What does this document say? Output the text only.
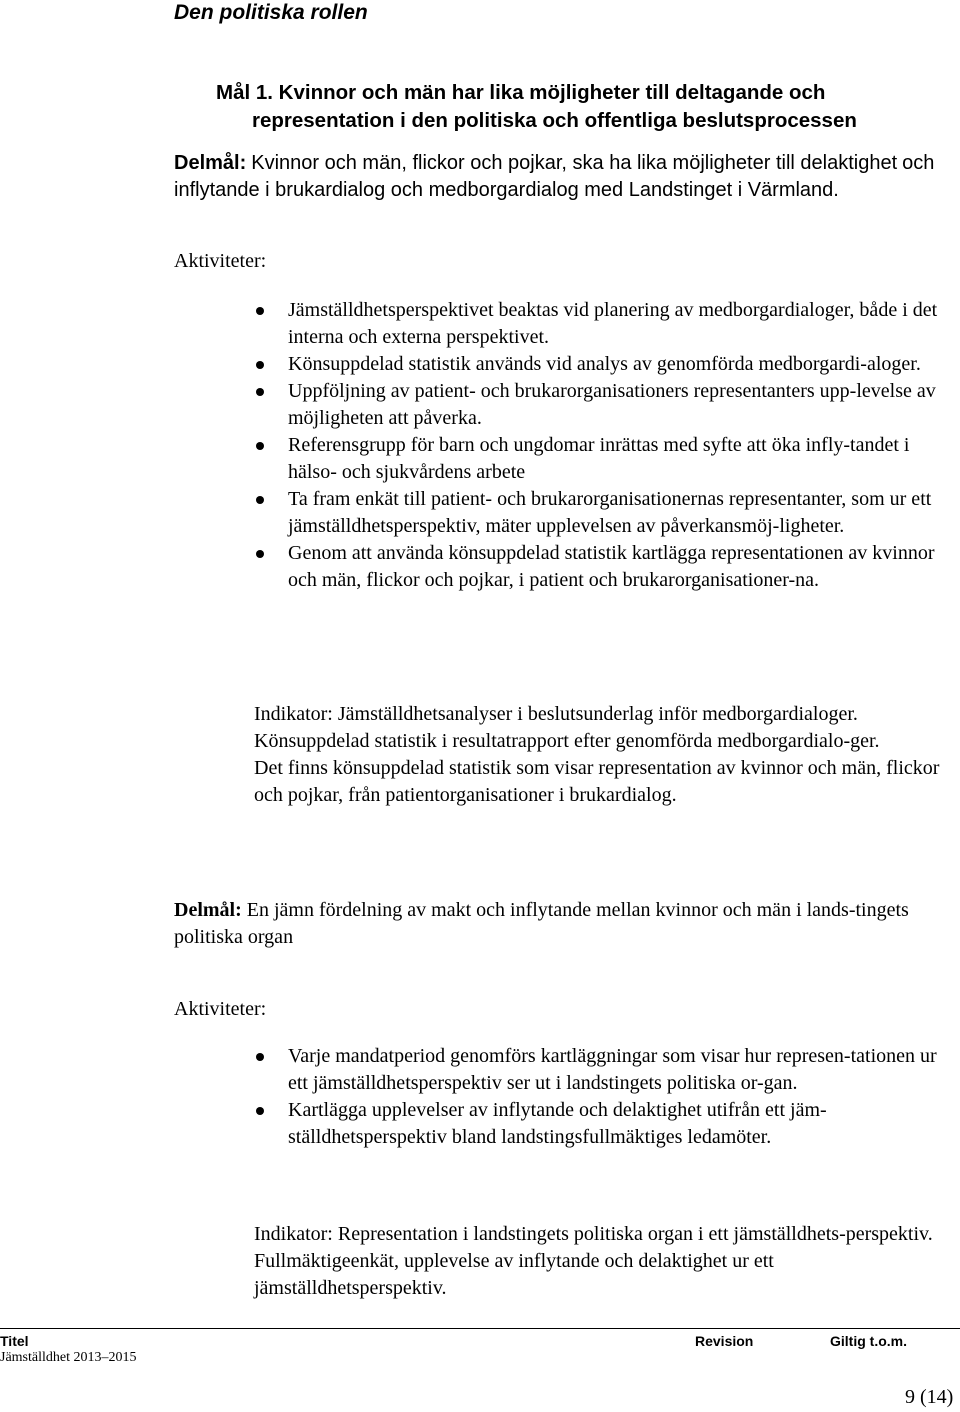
Den politiska rollen
Mål 1. Kvinnor och män har lika möjligheter till deltagande och
representation i den politiska och offentliga beslutsprocessen
Delmål: Kvinnor och män, flickor och pojkar, ska ha lika möjligheter till delaktighet och inflytande i brukardialog och medborgardialog med Landstinget i Värmland.
Aktiviteter:
Jämställdhetsperspektivet beaktas vid planering av medborgardialoger, både i det interna och externa perspektivet.
Könsuppdelad statistik används vid analys av genomförda medborgardi-aloger.
Uppföljning av patient- och brukarorganisationers representanters upp-levelse av möjligheten att påverka.
Referensgrupp för barn och ungdomar inrättas med syfte att öka infly-tandet i hälso- och sjukvårdens arbete
Ta fram enkät till patient- och brukarorganisationernas representanter, som ur ett jämställdhetsperspektiv, mäter upplevelsen av påverkansmöj-ligheter.
Genom att använda könsuppdelad statistik kartlägga representationen av kvinnor och män, flickor och pojkar, i patient och brukarorganisationer-na.
Indikator: Jämställdhetsanalyser i beslutsunderlag inför medborgardialoger.
Könsuppdelad statistik i resultatrapport efter genomförda medborgardialo-ger.
Det finns könsuppdelad statistik som visar representation av kvinnor och män, flickor och pojkar, från patientorganisationer i brukardialog.
Delmål: En jämn fördelning av makt och inflytande mellan kvinnor och män i lands-tingets politiska organ
Aktiviteter:
Varje mandatperiod genomförs kartläggningar som visar hur represen-tationen ur ett jämställdhetsperspektiv ser ut i landstingets politiska or-gan.
Kartlägga upplevelser av inflytande och delaktighet utifrån ett jäm-ställdhetsperspektiv bland landstingsfullmäktiges ledamöter.
Indikator: Representation i landstingets politiska organ i ett jämställdhets-perspektiv. Fullmäktigeenkät, upplevelse av inflytande och delaktighet ur ett jämställdhetsperspektiv.
Titel	Revision	Giltig t.o.m.
Jämställdhet 2013–2015
9 (14)
